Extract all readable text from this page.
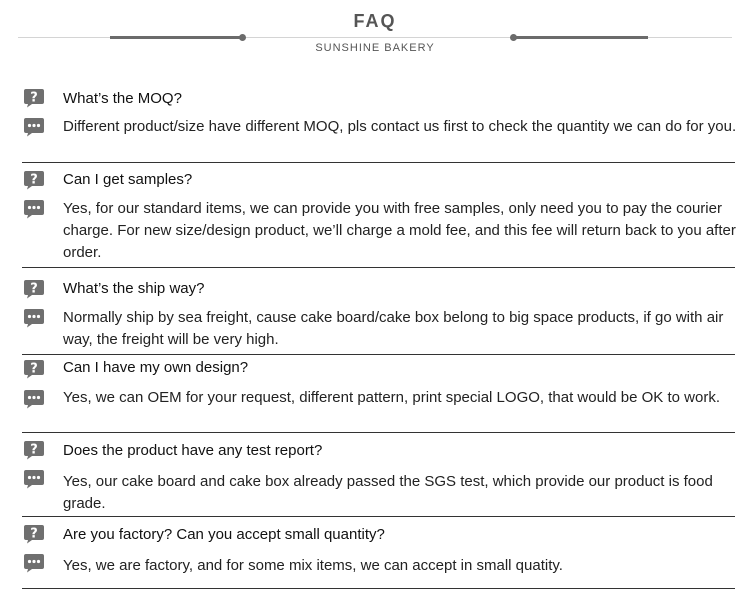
FAQ
SUNSHINE BAKERY
? What’s the MOQ?
Different product/size have different MOQ, pls contact us first to check the quantity we can do for you.
? Can I get samples?
Yes, for our standard items, we can provide you with free samples, only need you to pay the courier charge. For new size/design product, we’ll charge a mold fee, and this fee will return back to you after order.
? What’s the ship way?
Normally ship by sea freight, cause cake board/cake box belong to big space products, if go with air way, the freight will be very high.
? Can I have my own design?
Yes, we can OEM for your request, different pattern, print special LOGO, that would be OK to work.
? Does the product have any test report?
Yes, our cake board and cake box already passed the SGS test, which provide our product is food grade.
? Are you factory? Can you accept small quantity?
Yes, we are factory, and for some mix items, we can accept in small quatity.
